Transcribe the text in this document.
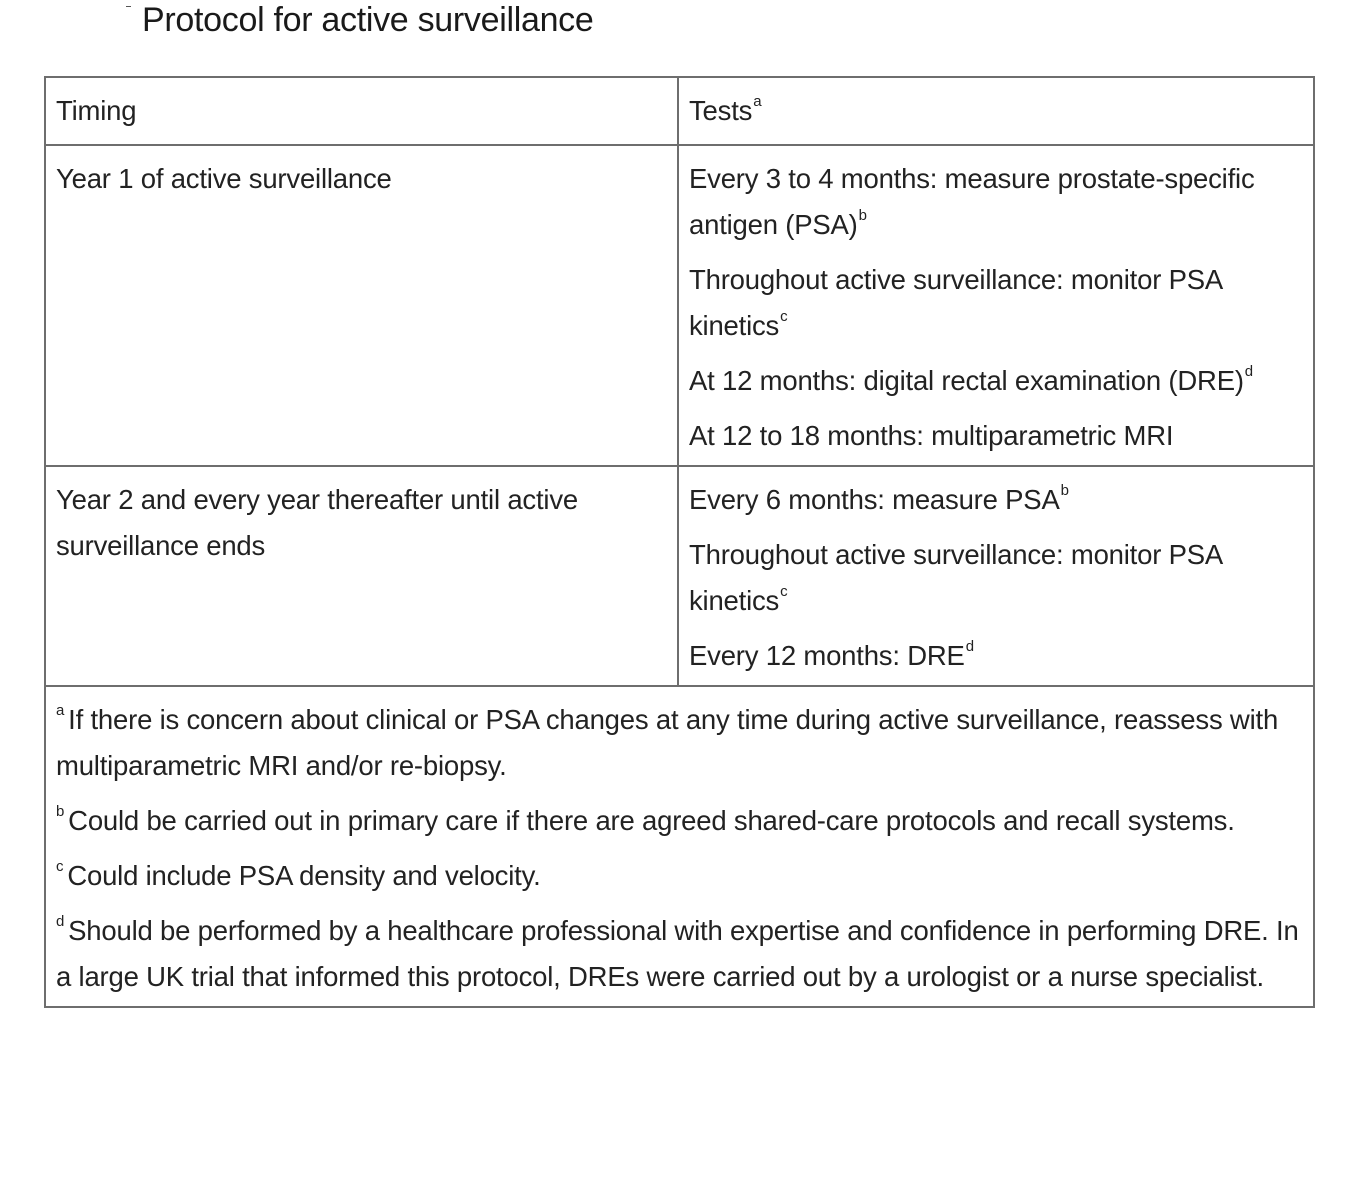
Protocol for active surveillance
Timing	Tests$^a$
Year 1 of active surveillance	Every 3 to 4 months: measure prostate-specific antigen (PSA)$^b$

Throughout active surveillance: monitor PSA kinetics$^c$

At 12 months: digital rectal examination (DRE)$^d$

At 12 to 18 months: multiparametric MRI

Year 2 and every year thereafter until active surveillance ends	Every 6 months: measure PSA$^b$

Throughout active surveillance: monitor PSA kinetics$^c$

Every 12 months: DRE$^d$

$^a$ If there is concern about clinical or PSA changes at any time during active surveillance, reassess with multiparametric MRI and/or re-biopsy.

$^b$ Could be carried out in primary care if there are agreed shared-care protocols and recall systems.

$^c$ Could include PSA density and velocity.

$^d$ Should be performed by a healthcare professional with expertise and confidence in performing DRE. In a large UK trial that informed this protocol, DREs were carried out by a urologist or a nurse specialist.	
